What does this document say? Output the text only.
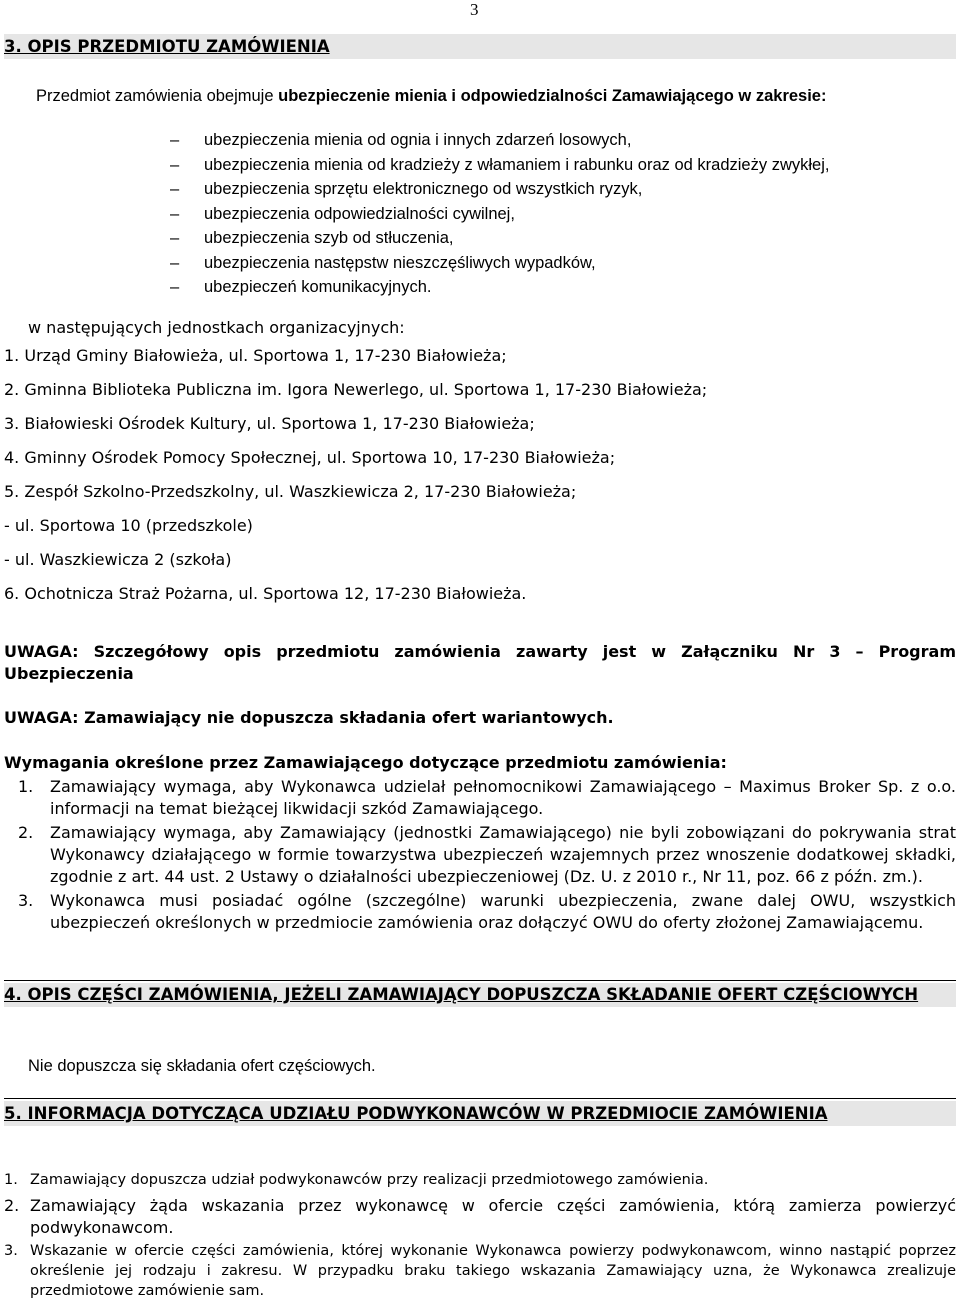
3
3. OPIS PRZEDMIOTU ZAMÓWIENIA
Przedmiot zamówienia obejmuje ubezpieczenie mienia i odpowiedzialności Zamawiającego w zakresie:
– ubezpieczenia mienia od ognia i innych zdarzeń losowych,
– ubezpieczenia mienia od kradzieży z włamaniem i rabunku oraz od kradzieży zwykłej,
– ubezpieczenia sprzętu elektronicznego od wszystkich ryzyk,
– ubezpieczenia odpowiedzialności cywilnej,
– ubezpieczenia szyb od stłuczenia,
– ubezpieczenia następstw nieszczęśliwych wypadków,
– ubezpieczeń komunikacyjnych.
w następujących jednostkach organizacyjnych:
1. Urząd Gminy Białowieża, ul. Sportowa 1, 17-230 Białowieża;
2. Gminna Biblioteka Publiczna im. Igora Newerlego, ul. Sportowa 1, 17-230 Białowieża;
3. Białowieski Ośrodek Kultury, ul. Sportowa 1, 17-230 Białowieża;
4. Gminny Ośrodek Pomocy Społecznej, ul. Sportowa 10, 17-230 Białowieża;
5. Zespół Szkolno-Przedszkolny, ul. Waszkiewicza 2, 17-230 Białowieża;
- ul. Sportowa 10 (przedszkole)
- ul. Waszkiewicza 2 (szkoła)
6. Ochotnicza Straż Pożarna, ul. Sportowa 12, 17-230 Białowieża.
UWAGA: Szczegółowy opis przedmiotu zamówienia zawarty jest w Załączniku Nr 3 – Program Ubezpieczenia
UWAGA: Zamawiający nie dopuszcza składania ofert wariantowych.
Wymagania określone przez Zamawiającego dotyczące przedmiotu zamówienia:
1. Zamawiający wymaga, aby Wykonawca udzielał pełnomocnikowi Zamawiającego – Maximus Broker Sp. z o.o. informacji na temat bieżącej likwidacji szkód Zamawiającego.
2. Zamawiający wymaga, aby Zamawiający (jednostki Zamawiającego) nie byli zobowiązani do pokrywania strat Wykonawcy działającego w formie towarzystwa ubezpieczeń wzajemnych przez wnoszenie dodatkowej składki, zgodnie z art. 44 ust. 2 Ustawy o działalności ubezpieczeniowej (Dz. U. z 2010 r., Nr 11, poz. 66 z późn. zm.).
3. Wykonawca musi posiadać ogólne (szczególne) warunki ubezpieczenia, zwane dalej OWU, wszystkich ubezpieczeń określonych w przedmiocie zamówienia oraz dołączyć OWU do oferty złożonej Zamawiającemu.
4. OPIS CZĘŚCI ZAMÓWIENIA, JEŻELI ZAMAWIAJĄCY DOPUSZCZA SKŁADANIE OFERT CZĘŚCIOWYCH
Nie dopuszcza się składania ofert częściowych.
5. INFORMACJA DOTYCZĄCA UDZIAŁU PODWYKONAWCÓW W PRZEDMIOCIE ZAMÓWIENIA
1. Zamawiający dopuszcza udział podwykonawców przy realizacji przedmiotowego zamówienia.
2. Zamawiający żąda wskazania przez wykonawcę w ofercie części zamówienia, którą zamierza powierzyć podwykonawcom.
3. Wskazanie w ofercie części zamówienia, której wykonanie Wykonawca powierzy podwykonawcom, winno nastąpić poprzez określenie jej rodzaju i zakresu. W przypadku braku takiego wskazania Zamawiający uzna, że Wykonawca zrealizuje przedmiotowe zamówienie sam.
